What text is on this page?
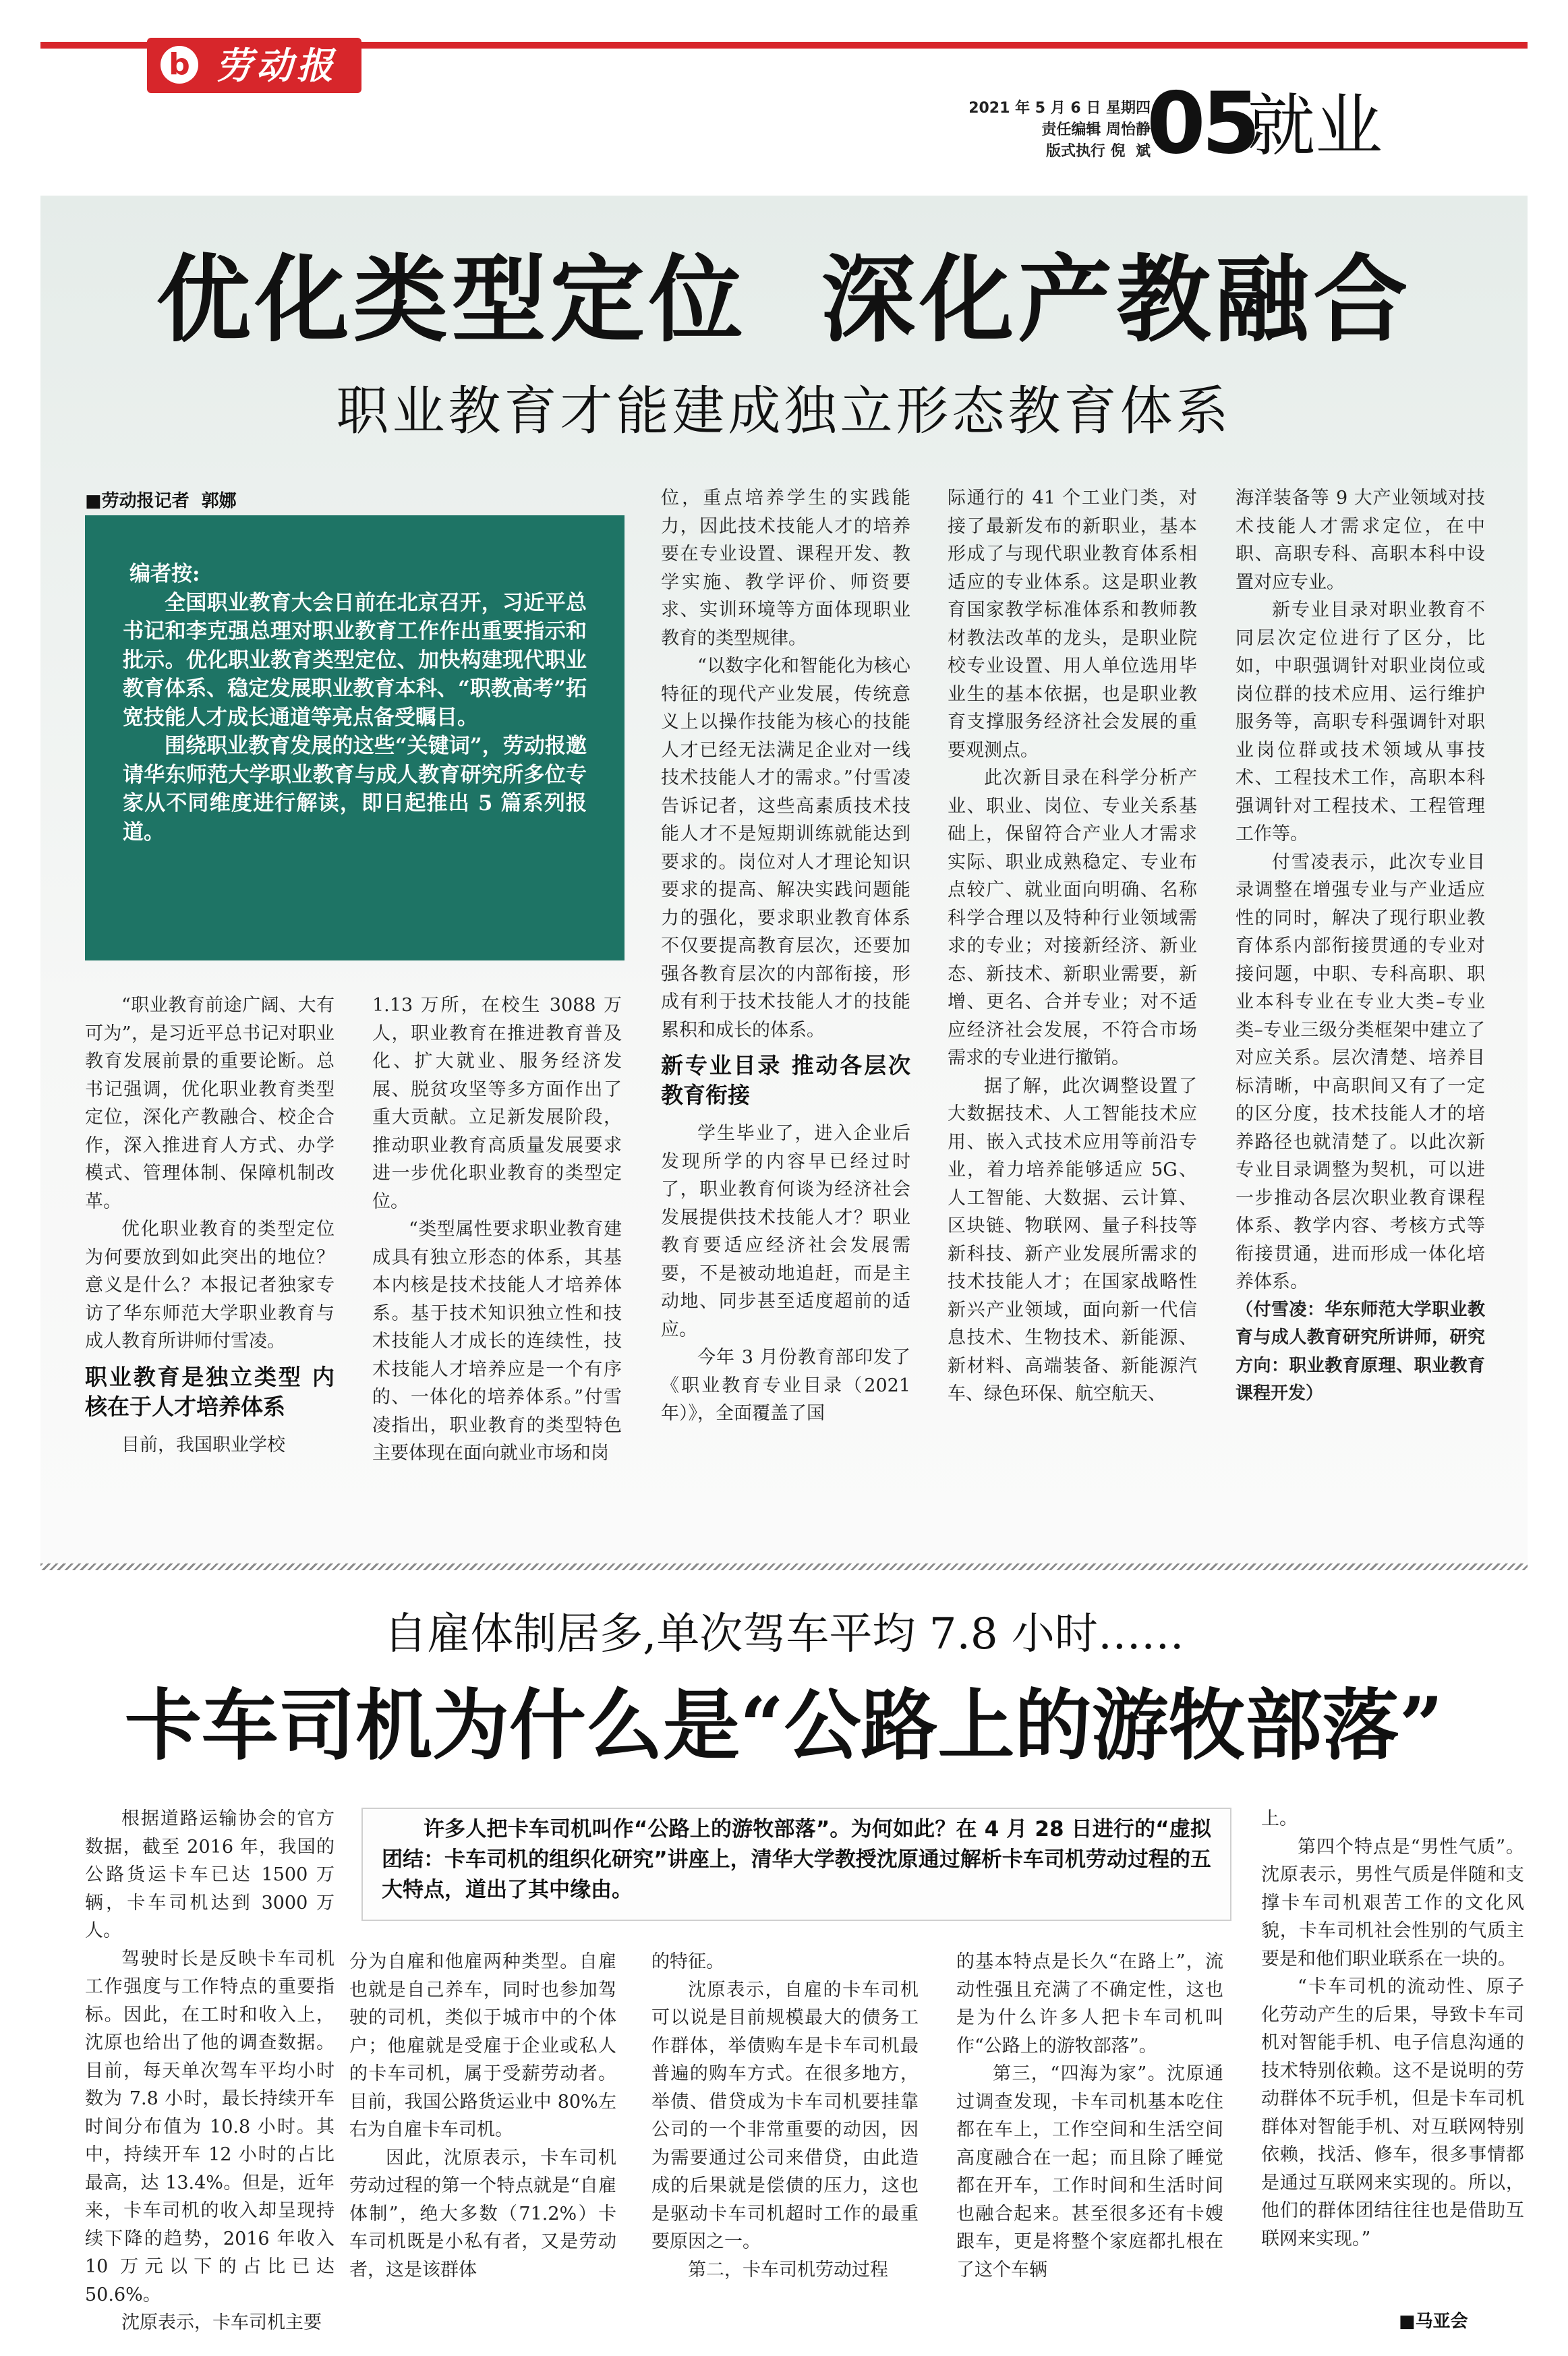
b 劳动报
2021 年 5 月 6 日 星期四
责任编辑 周怡静
版式执行 倪  斌
05
就业
优化类型定位  深化产教融合
职业教育才能建成独立形态教育体系
■劳动报记者  郭娜
编者按:

全国职业教育大会日前在北京召开，习近平总书记和李克强总理对职业教育工作作出重要指示和批示。优化职业教育类型定位、加快构建现代职业教育体系、稳定发展职业教育本科、“职教高考”拓宽技能人才成长通道等亮点备受瞩目。

围绕职业教育发展的这些“关键词”，劳动报邀请华东师范大学职业教育与成人教育研究所多位专家从不同维度进行解读，即日起推出 5 篇系列报道。

“职业教育前途广阔、大有可为”，是习近平总书记对职业教育发展前景的重要论断。总书记强调，优化职业教育类型定位，深化产教融合、校企合作，深入推进育人方式、办学模式、管理体制、保障机制改革。

优化职业教育的类型定位为何要放到如此突出的地位？意义是什么？本报记者独家专访了华东师范大学职业教育与成人教育所讲师付雪凌。

职业教育是独立类型 内核在于人才培养体系

目前，我国职业学校

1.13 万所，在校生 3088 万人，职业教育在推进教育普及化、扩大就业、服务经济发展、脱贫攻坚等多方面作出了重大贡献。立足新发展阶段，推动职业教育高质量发展要求进一步优化职业教育的类型定位。

“类型属性要求职业教育建成具有独立形态的体系，其基本内核是技术技能人才培养体系。基于技术知识独立性和技术技能人才成长的连续性，技术技能人才培养应是一个有序的、一体化的培养体系。”付雪凌指出，职业教育的类型特色主要体现在面向就业市场和岗

位，重点培养学生的实践能力，因此技术技能人才的培养要在专业设置、课程开发、教学实施、教学评价、师资要求、实训环境等方面体现职业教育的类型规律。

“以数字化和智能化为核心特征的现代产业发展，传统意义上以操作技能为核心的技能人才已经无法满足企业对一线技术技能人才的需求。”付雪凌告诉记者，这些高素质技术技能人才不是短期训练就能达到要求的。岗位对人才理论知识要求的提高、解决实践问题能力的强化，要求职业教育体系不仅要提高教育层次，还要加强各教育层次的内部衔接，形成有利于技术技能人才的技能累积和成长的体系。

新专业目录 推动各层次教育衔接

学生毕业了，进入企业后发现所学的内容早已经过时了，职业教育何谈为经济社会发展提供技术技能人才？职业教育要适应经济社会发展需要，不是被动地追赶，而是主动地、同步甚至适度超前的适应。

今年 3 月份教育部印发了《职业教育专业目录（2021 年）》，全面覆盖了国

际通行的 41 个工业门类，对接了最新发布的新职业，基本形成了与现代职业教育体系相适应的专业体系。这是职业教育国家教学标准体系和教师教材教法改革的龙头，是职业院校专业设置、用人单位选用毕业生的基本依据，也是职业教育支撑服务经济社会发展的重要观测点。

此次新目录在科学分析产业、职业、岗位、专业关系基础上，保留符合产业人才需求实际、职业成熟稳定、专业布点较广、就业面向明确、名称科学合理以及特种行业领域需求的专业；对接新经济、新业态、新技术、新职业需要，新增、更名、合并专业；对不适应经济社会发展，不符合市场需求的专业进行撤销。

据了解，此次调整设置了大数据技术、人工智能技术应用、嵌入式技术应用等前沿专业，着力培养能够适应 5G、人工智能、大数据、云计算、区块链、物联网、量子科技等新科技、新产业发展所需求的技术技能人才；在国家战略性新兴产业领域，面向新一代信息技术、生物技术、新能源、新材料、高端装备、新能源汽车、绿色环保、航空航天、

海洋装备等 9 大产业领域对技术技能人才需求定位，在中职、高职专科、高职本科中设置对应专业。

新专业目录对职业教育不同层次定位进行了区分，比如，中职强调针对职业岗位或岗位群的技术应用、运行维护服务等，高职专科强调针对职业岗位群或技术领域从事技术、工程技术工作，高职本科强调针对工程技术、工程管理工作等。

付雪凌表示，此次专业目录调整在增强专业与产业适应性的同时，解决了现行职业教育体系内部衔接贯通的专业对接问题，中职、专科高职、职业本科专业在专业大类–专业类–专业三级分类框架中建立了对应关系。层次清楚、培养目标清晰，中高职间又有了一定的区分度，技术技能人才的培养路径也就清楚了。以此次新专业目录调整为契机，可以进一步推动各层次职业教育课程体系、教学内容、考核方式等衔接贯通，进而形成一体化培养体系。

（付雪凌：华东师范大学职业教育与成人教育研究所讲师，研究方向：职业教育原理、职业教育课程开发）

自雇体制居多,单次驾车平均 7.8 小时……
卡车司机为什么是“公路上的游牧部落”
许多人把卡车司机叫作“公路上的游牧部落”。为何如此？在 4 月 28 日进行的“虚拟团结：卡车司机的组织化研究”讲座上，清华大学教授沈原通过解析卡车司机劳动过程的五大特点，道出了其中缘由。

根据道路运输协会的官方数据，截至 2016 年，我国的公路货运卡车已达 1500 万辆，卡车司机达到 3000 万人。

驾驶时长是反映卡车司机工作强度与工作特点的重要指标。因此，在工时和收入上，沈原也给出了他的调查数据。目前，每天单次驾车平均小时数为 7.8 小时，最长持续开车时间分布值为 10.8 小时。其中，持续开车 12 小时的占比最高，达 13.4%。但是，近年来，卡车司机的收入却呈现持续下降的趋势，2016 年收入 10 万元以下的占比已达 50.6%。

沈原表示，卡车司机主要

分为自雇和他雇两种类型。自雇也就是自己养车，同时也参加驾驶的司机，类似于城市中的个体户；他雇就是受雇于企业或私人的卡车司机，属于受薪劳动者。目前，我国公路货运业中 80%左右为自雇卡车司机。

因此，沈原表示，卡车司机劳动过程的第一个特点就是“自雇体制”，绝大多数（71.2%）卡车司机既是小私有者，又是劳动者，这是该群体

的特征。

沈原表示，自雇的卡车司机可以说是目前规模最大的债务工作群体，举债购车是卡车司机最普遍的购车方式。在很多地方，举债、借贷成为卡车司机要挂靠公司的一个非常重要的动因，因为需要通过公司来借贷，由此造成的后果就是偿债的压力，这也是驱动卡车司机超时工作的最重要原因之一。

第二，卡车司机劳动过程

的基本特点是长久“在路上”，流动性强且充满了不确定性，这也是为什么许多人把卡车司机叫作“公路上的游牧部落”。

第三，“四海为家”。沈原通过调查发现，卡车司机基本吃住都在车上，工作空间和生活空间高度融合在一起；而且除了睡觉都在开车，工作时间和生活时间也融合起来。甚至很多还有卡嫂跟车，更是将整个家庭都扎根在了这个车辆

上。

第四个特点是“男性气质”。沈原表示，男性气质是伴随和支撑卡车司机艰苦工作的文化风貌，卡车司机社会性别的气质主要是和他们职业联系在一块的。

“卡车司机的流动性、原子化劳动产生的后果，导致卡车司机对智能手机、电子信息沟通的技术特别依赖。这不是说明的劳动群体不玩手机，但是卡车司机群体对智能手机、对互联网特别依赖，找活、修车，很多事情都是通过互联网来实现的。所以，他们的群体团结往往也是借助互联网来实现。”

■马亚会
